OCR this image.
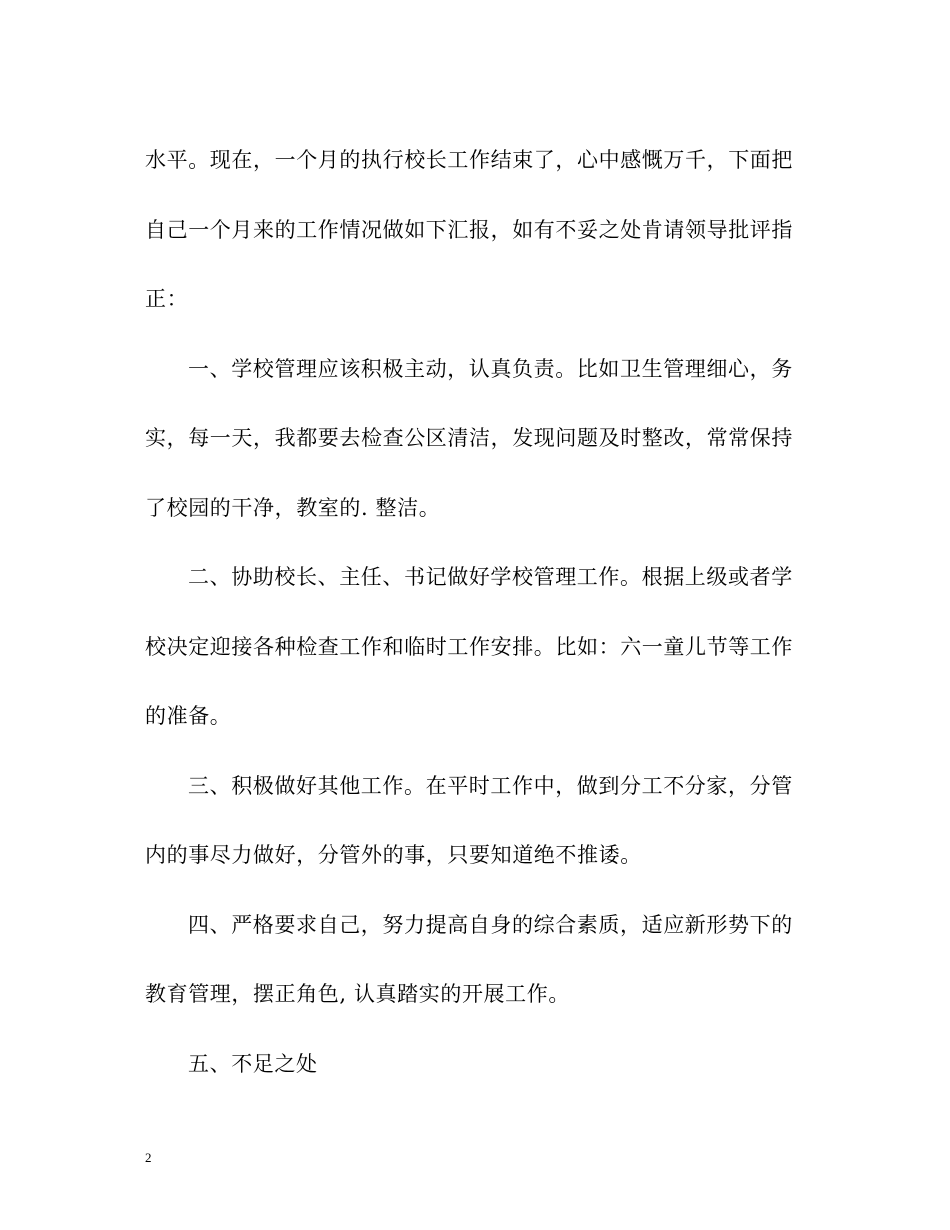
水平。现在，一个月的执行校长工作结束了，心中感慨万千，下面把
自己一个月来的工作情况做如下汇报，如有不妥之处肯请领导批评指
正：
一、学校管理应该积极主动，认真负责。比如卫生管理细心，务
实，每一天，我都要去检查公区清洁，发现问题及时整改，常常保持
了校园的干净，教室的. 整洁。
二、协助校长、主任、书记做好学校管理工作。根据上级或者学
校决定迎接各种检查工作和临时工作安排。比如：六一童儿节等工作
的准备。
三、积极做好其他工作。在平时工作中，做到分工不分家，分管
内的事尽力做好，分管外的事，只要知道绝不推诿。
四、严格要求自己，努力提高自身的综合素质，适应新形势下的
教育管理，摆正角色, 认真踏实的开展工作。
五、不足之处
2
